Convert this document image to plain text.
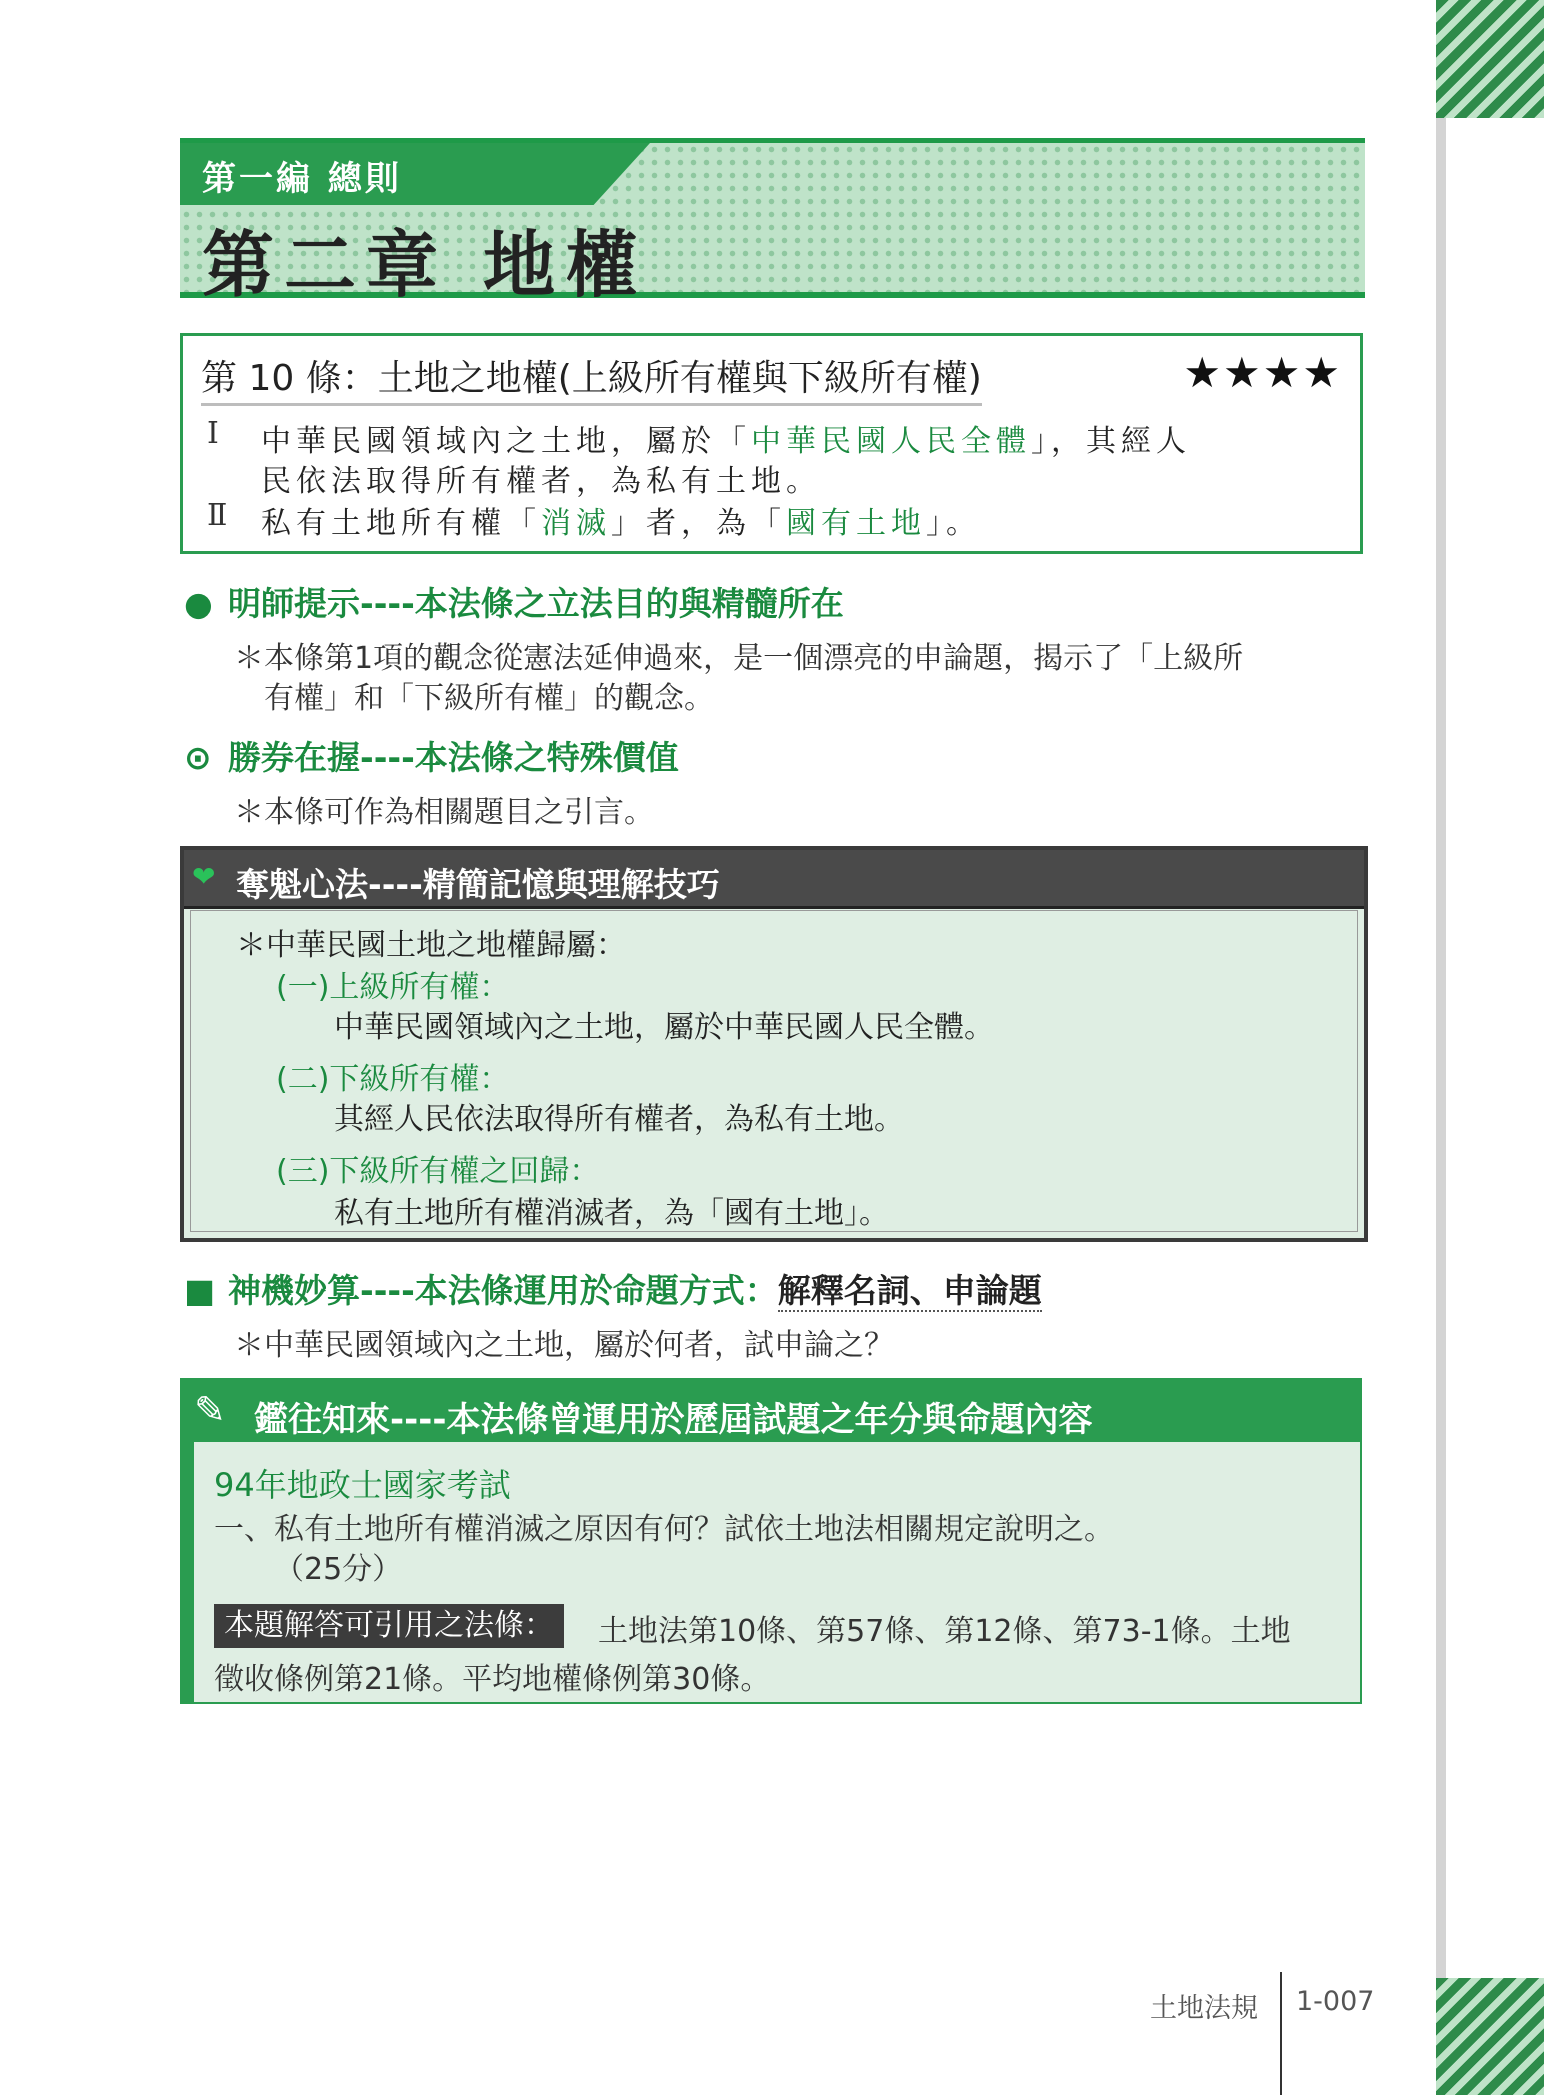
第一編 總則
第二章 地權
第 10 條：土地之地權(上級所有權與下級所有權)	★★★★
Ⅰ 中華民國領域內之土地，屬於「中華民國人民全體」，其經人
民依法取得所有權者，為私有土地。
Ⅱ 私有土地所有權「消滅」者，為「國有土地」。
● 明師提示----本法條之立法目的與精髓所在
＊本條第1項的觀念從憲法延伸過來，是一個漂亮的申論題，揭示了「上級所
有權」和「下級所有權」的觀念。
⊙ 勝券在握----本法條之特殊價值
＊本條可作為相關題目之引言。
❤ 奪魁心法----精簡記憶與理解技巧
＊中華民國土地之地權歸屬：
(一)上級所有權：
中華民國領域內之土地，屬於中華民國人民全體。
(二)下級所有權：
其經人民依法取得所有權者，為私有土地。
(三)下級所有權之回歸：
私有土地所有權消滅者，為「國有土地」。
■ 神機妙算----本法條運用於命題方式：解釋名詞、申論題
＊中華民國領域內之土地，屬於何者，試申論之？
✎ 鑑往知來----本法條曾運用於歷屆試題之年分與命題內容
94年地政士國家考試
一、私有土地所有權消滅之原因有何？試依土地法相關規定說明之。
（25分）
本題解答可引用之法條：	土地法第10條、第57條、第12條、第73-1條。土地
徵收條例第21條。平均地權條例第30條。
土地法規 1-007
